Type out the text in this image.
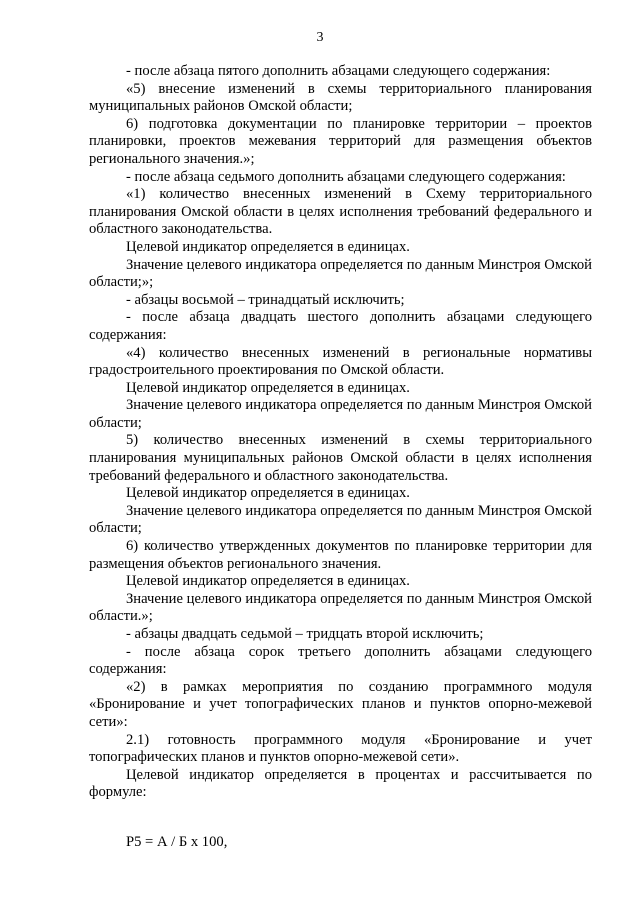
3

- после абзаца пятого дополнить абзацами следующего содержания:

«5) внесение изменений в схемы территориального планирования муниципальных районов Омской области;

6) подготовка документации по планировке территории – проектов планировки, проектов межевания территорий для размещения объектов регионального значения.»;

- после абзаца седьмого дополнить абзацами следующего содержания:

«1) количество внесенных изменений в Схему территориального планирования Омской области в целях исполнения требований федерального и областного законодательства.

Целевой индикатор определяется в единицах.

Значение целевого индикатора определяется по данным Минстроя Омской области;»;

- абзацы восьмой – тринадцатый исключить;

- после абзаца двадцать шестого дополнить абзацами следующего содержания:

«4) количество внесенных изменений в региональные нормативы градостроительного проектирования по Омской области.

Целевой индикатор определяется в единицах.

Значение целевого индикатора определяется по данным Минстроя Омской области;

5) количество внесенных изменений в схемы территориального планирования муниципальных районов Омской области в целях исполнения требований федерального и областного законодательства.

Целевой индикатор определяется в единицах.

Значение целевого индикатора определяется по данным Минстроя Омской области;

6) количество утвержденных документов по планировке территории для размещения объектов регионального значения.

Целевой индикатор определяется в единицах.

Значение целевого индикатора определяется по данным Минстроя Омской области.»;

- абзацы двадцать седьмой – тридцать второй исключить;

- после абзаца сорок третьего дополнить абзацами следующего содержания:

«2) в рамках мероприятия по созданию программного модуля «Бронирование и учет топографических планов и пунктов опорно-межевой сети»:

2.1) готовность программного модуля «Бронирование и учет топографических планов и пунктов опорно-межевой сети».

Целевой индикатор определяется в процентах и рассчитывается по формуле:

Р5 = А / Б х 100,
